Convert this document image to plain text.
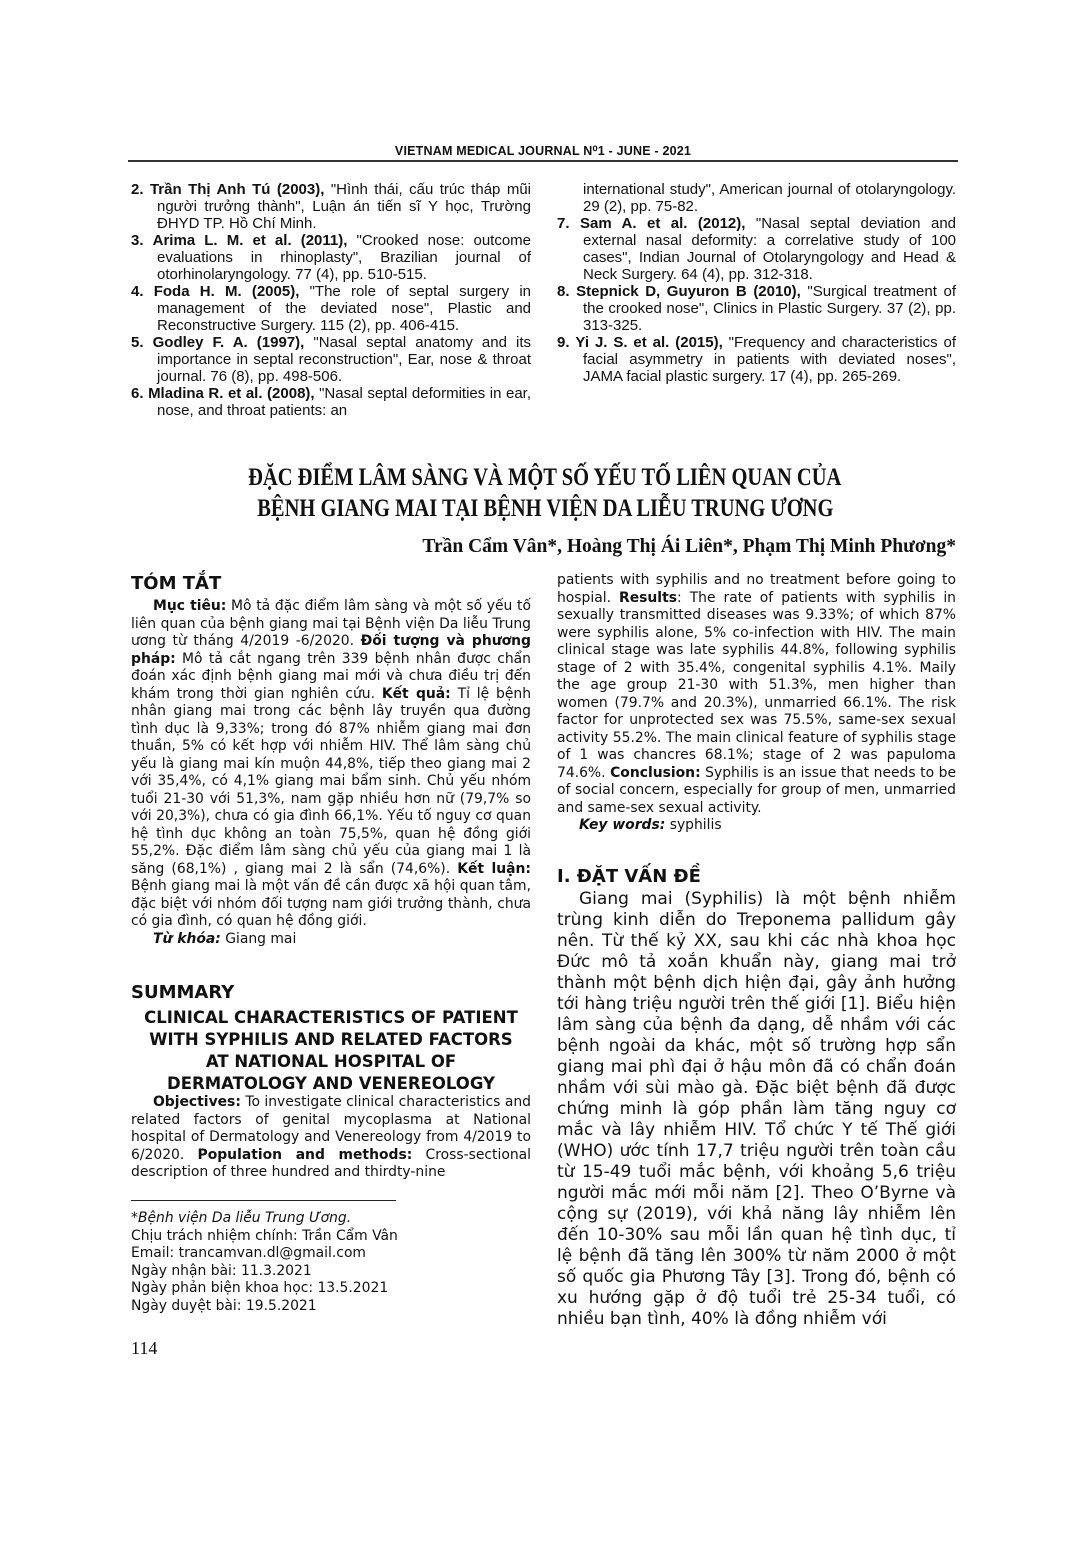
VIETNAM MEDICAL JOURNAL N⁰1 - JUNE - 2021

2. Trần Thị Anh Tú (2003), "Hình thái, cấu trúc tháp mũi người trưởng thành", Luận án tiến sĩ Y học, Trường ĐHYD TP. Hồ Chí Minh.

3. Arima L. M. et al. (2011), "Crooked nose: outcome evaluations in rhinoplasty", Brazilian journal of otorhinolaryngology. 77 (4), pp. 510-515.

4. Foda H. M. (2005), "The role of septal surgery in management of the deviated nose", Plastic and Reconstructive Surgery. 115 (2), pp. 406-415.

5. Godley F. A. (1997), "Nasal septal anatomy and its importance in septal reconstruction", Ear, nose & throat journal. 76 (8), pp. 498-506.

6. Mladina R. et al. (2008), "Nasal septal deformities in ear, nose, and throat patients: an

international study", American journal of otolaryngology. 29 (2), pp. 75-82.

7. Sam A. et al. (2012), "Nasal septal deviation and external nasal deformity: a correlative study of 100 cases", Indian Journal of Otolaryngology and Head & Neck Surgery. 64 (4), pp. 312-318.

8. Stepnick D, Guyuron B (2010), "Surgical treatment of the crooked nose", Clinics in Plastic Surgery. 37 (2), pp. 313-325.

9. Yi J. S. et al. (2015), "Frequency and characteristics of facial asymmetry in patients with deviated noses", JAMA facial plastic surgery. 17 (4), pp. 265-269.

ĐẶC ĐIỂM LÂM SÀNG VÀ MỘT SỐ YẾU TỐ LIÊN QUAN CỦA
BỆNH GIANG MAI TẠI BỆNH VIỆN DA LIỄU TRUNG ƯƠNG
Trần Cẩm Vân*, Hoàng Thị Ái Liên*, Phạm Thị Minh Phương*
TÓM TẮT

Mục tiêu: Mô tả đặc điểm lâm sàng và một số yếu tố liên quan của bệnh giang mai tại Bệnh viện Da liễu Trung ương từ tháng 4/2019 -6/2020. Đối tượng và phương pháp: Mô tả cắt ngang trên 339 bệnh nhân được chẩn đoán xác định bệnh giang mai mới và chưa điều trị đến khám trong thời gian nghiên cứu. Kết quả: Tỉ lệ bệnh nhân giang mai trong các bệnh lây truyền qua đường tình dục là 9,33%; trong đó 87% nhiễm giang mai đơn thuần, 5% có kết hợp với nhiễm HIV. Thể lâm sàng chủ yếu là giang mai kín muộn 44,8%, tiếp theo giang mai 2 với 35,4%, có 4,1% giang mai bẩm sinh. Chủ yếu nhóm tuổi 21-30 với 51,3%, nam gặp nhiều hơn nữ (79,7% so với 20,3%), chưa có gia đình 66,1%. Yếu tố nguy cơ quan hệ tình dục không an toàn 75,5%, quan hệ đồng giới 55,2%. Đặc điểm lâm sàng chủ yếu của giang mai 1 là săng (68,1%) , giang mai 2 là sẩn (74,6%). Kết luận: Bệnh giang mai là một vấn đề cần được xã hội quan tâm, đặc biệt với nhóm đối tượng nam giới trưởng thành, chưa có gia đình, có quan hệ đồng giới.

Từ khóa: Giang mai

SUMMARY
CLINICAL CHARACTERISTICS OF PATIENT
WITH SYPHILIS AND RELATED FACTORS
AT NATIONAL HOSPITAL OF
DERMATOLOGY AND VENEREOLOGY

Objectives: To investigate clinical characteristics and related factors of genital mycoplasma at National hospital of Dermatology and Venereology from 4/2019 to 6/2020. Population and methods: Cross-sectional description of three hundred and thirdty-nine

*Bệnh viện Da liễu Trung Ương.
Chịu trách nhiệm chính: Trần Cẩm Vân
Email: trancamvan.dl@gmail.com
Ngày nhận bài: 11.3.2021
Ngày phản biện khoa học: 13.5.2021
Ngày duyệt bài: 19.5.2021
114

patients with syphilis and no treatment before going to hospial. Results: The rate of patients with syphilis in sexually transmitted diseases was 9.33%; of which 87% were syphilis alone, 5% co-infection with HIV. The main clinical stage was late syphilis 44.8%, following syphilis stage of 2 with 35.4%, congenital syphilis 4.1%. Maily the age group 21-30 with 51.3%, men higher than women (79.7% and 20.3%), unmarried 66.1%. The risk factor for unprotected sex was 75.5%, same-sex sexual activity 55.2%. The main clinical feature of syphilis stage of 1 was chancres 68.1%; stage of 2 was papuloma 74.6%. Conclusion: Syphilis is an issue that needs to be of social concern, especially for group of men, unmarried and same-sex sexual activity.

Key words: syphilis

I. ĐẶT VẤN ĐỀ

Giang mai (Syphilis) là một bệnh nhiễm trùng kinh diễn do Treponema pallidum gây nên. Từ thế kỷ XX, sau khi các nhà khoa học Đức mô tả xoắn khuẩn này, giang mai trở thành một bệnh dịch hiện đại, gây ảnh hưởng tới hàng triệu người trên thế giới [1]. Biểu hiện lâm sàng của bệnh đa dạng, dễ nhầm với các bệnh ngoài da khác, một số trường hợp sẩn giang mai phì đại ở hậu môn đã có chẩn đoán nhầm với sùi mào gà. Đặc biệt bệnh đã được chứng minh là góp phần làm tăng nguy cơ mắc và lây nhiễm HIV. Tổ chức Y tế Thế giới (WHO) ước tính 17,7 triệu người trên toàn cầu từ 15-49 tuổi mắc bệnh, với khoảng 5,6 triệu người mắc mới mỗi năm [2]. Theo O’Byrne và cộng sự (2019), với khả năng lây nhiễm lên đến 10-30% sau mỗi lần quan hệ tình dục, tỉ lệ bệnh đã tăng lên 300% từ năm 2000 ở một số quốc gia Phương Tây [3]. Trong đó, bệnh có xu hướng gặp ở độ tuổi trẻ 25-34 tuổi, có nhiều bạn tình, 40% là đồng nhiễm với
